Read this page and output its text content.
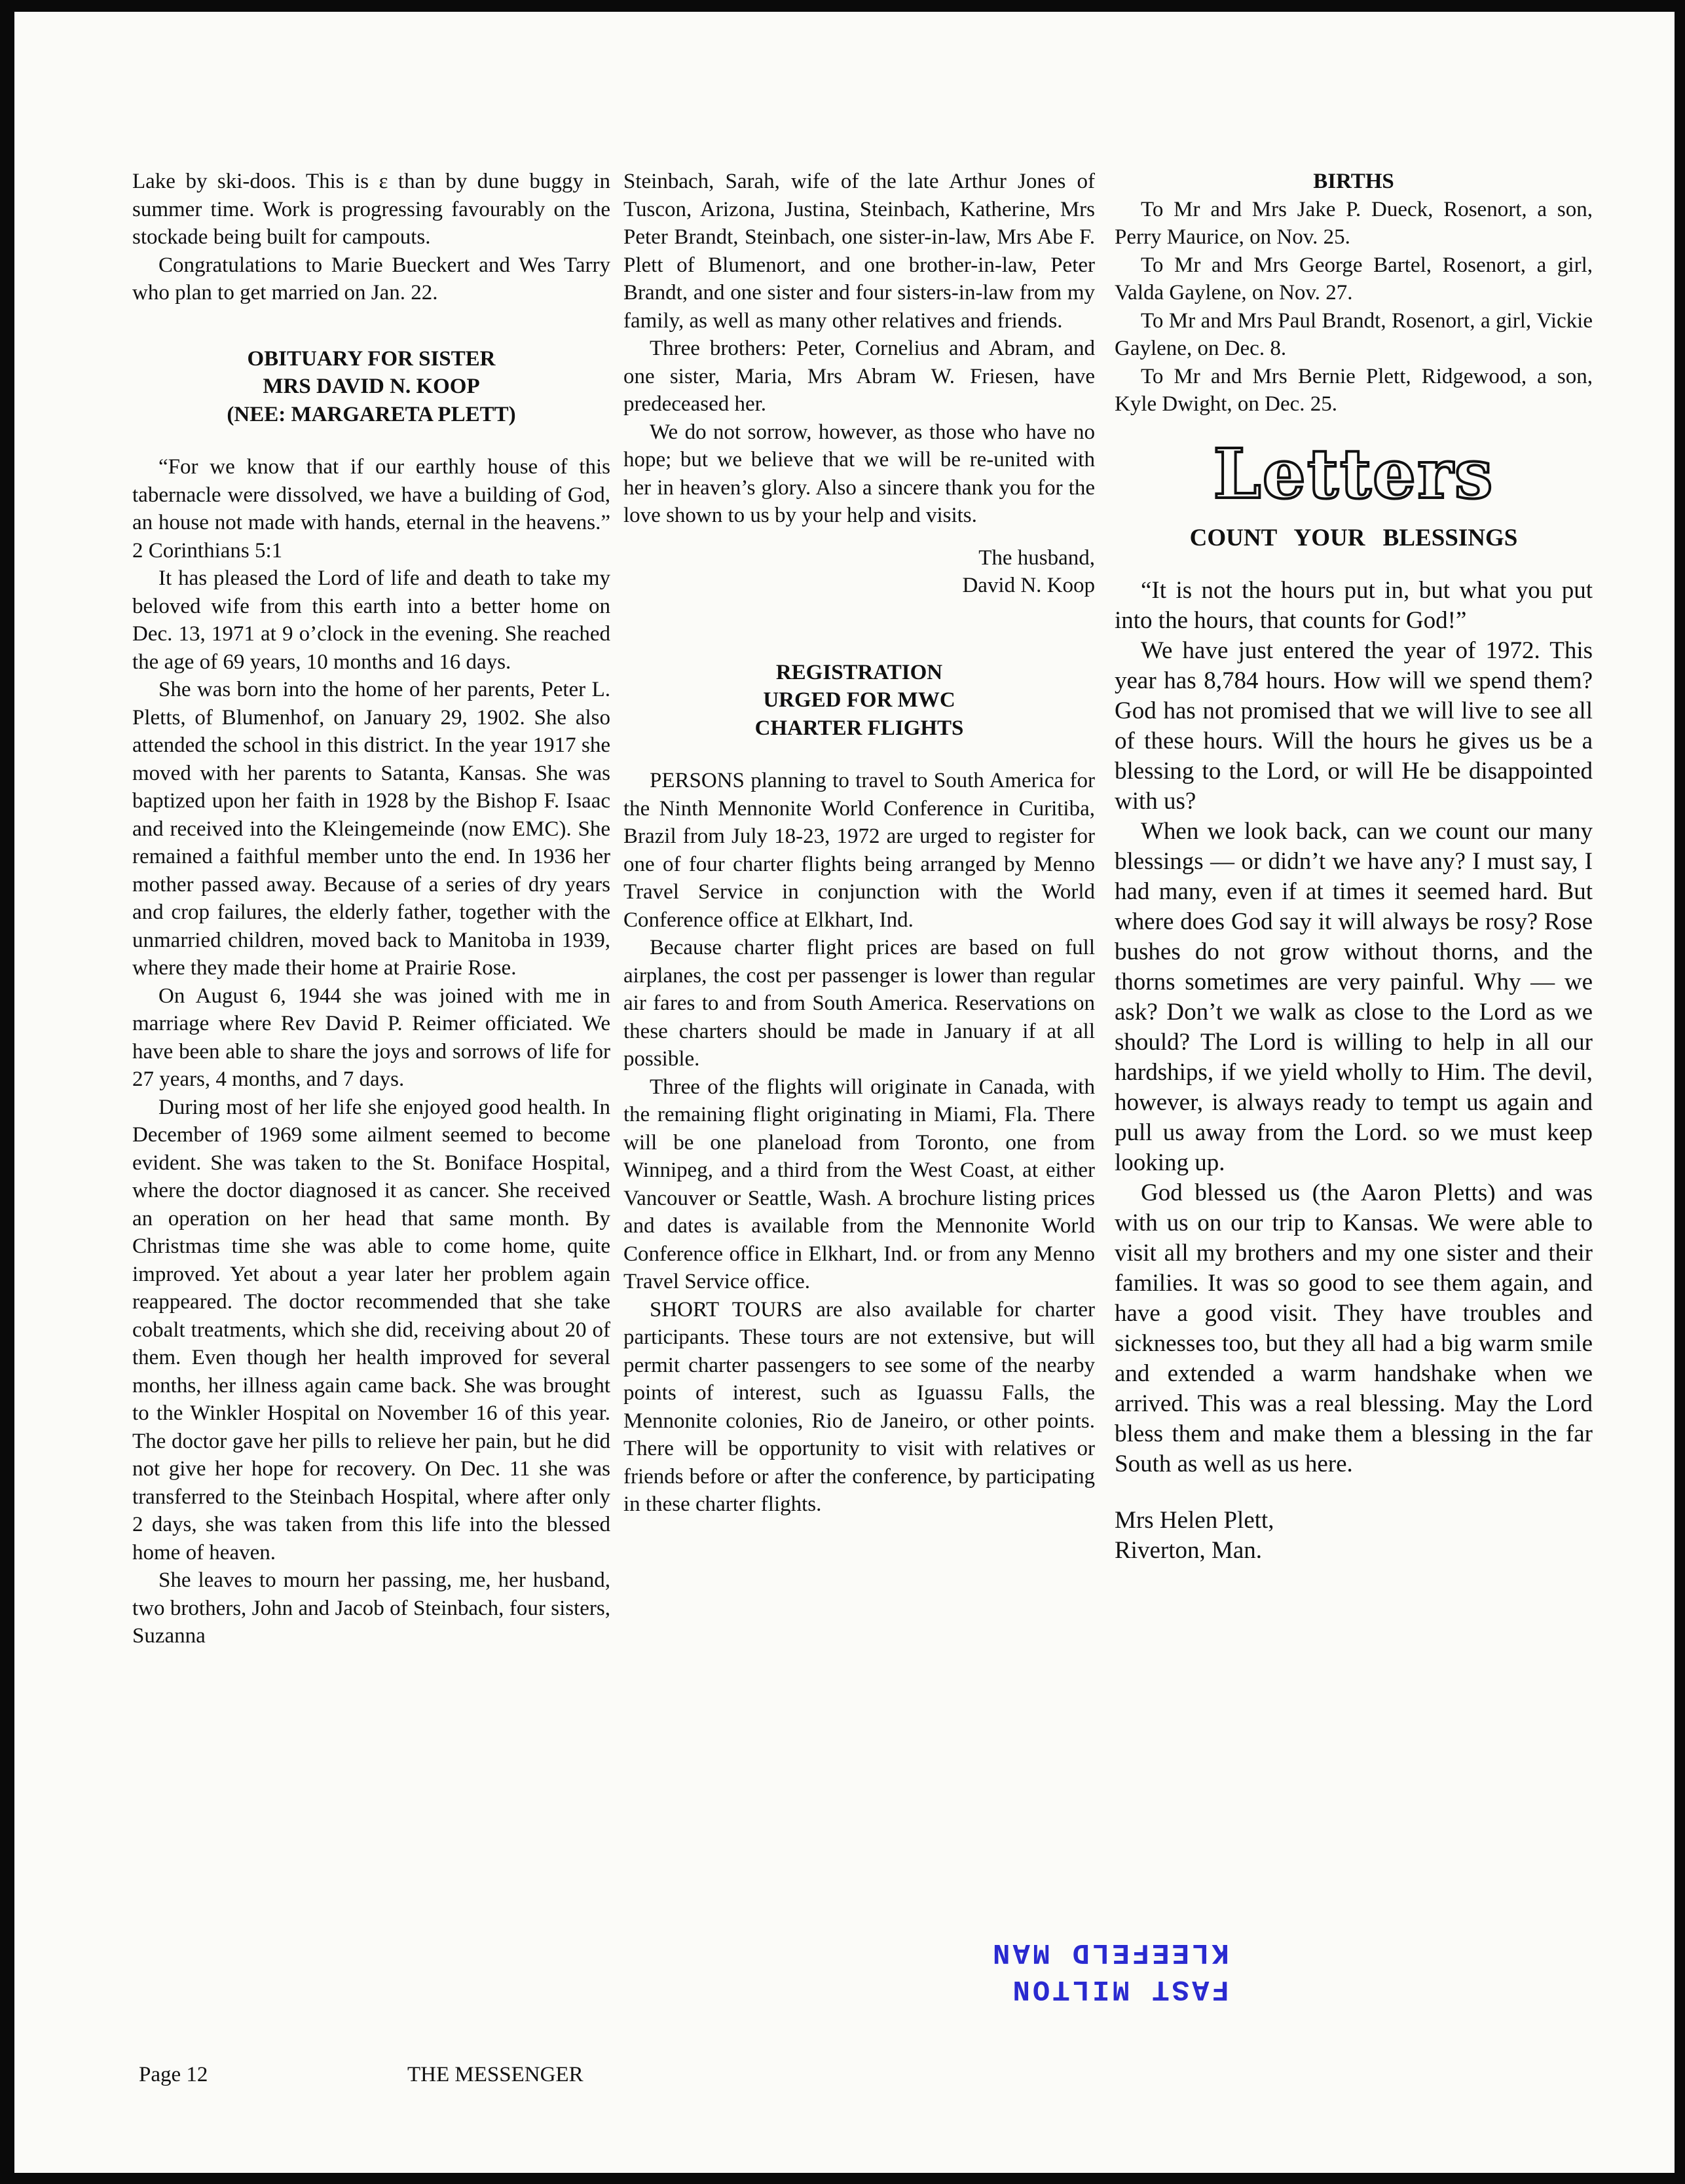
Lake by ski-doos. This is ε than by dune buggy in summer time. Work is progressing favourably on the stockade being built for campouts.

Congratulations to Marie Bueckert and Wes Tarry who plan to get married on Jan. 22.

OBITUARY FOR SISTER
MRS DAVID N. KOOP
(NEE: MARGARETA PLETT)

“For we know that if our earthly house of this tabernacle were dissolved, we have a building of God, an house not made with hands, eternal in the heavens.” 2 Corinthians 5:1

It has pleased the Lord of life and death to take my beloved wife from this earth into a better home on Dec. 13, 1971 at 9 o’clock in the evening. She reached the age of 69 years, 10 months and 16 days.

She was born into the home of her parents, Peter L. Pletts, of Blumenhof, on January 29, 1902. She also attended the school in this district. In the year 1917 she moved with her parents to Satanta, Kansas. She was baptized upon her faith in 1928 by the Bishop F. Isaac and received into the Kleingemeinde (now EMC). She remained a faithful member unto the end. In 1936 her mother passed away. Because of a series of dry years and crop failures, the elderly father, together with the unmarried children, moved back to Manitoba in 1939, where they made their home at Prairie Rose.

On August 6, 1944 she was joined with me in marriage where Rev David P. Reimer officiated. We have been able to share the joys and sorrows of life for 27 years, 4 months, and 7 days.

During most of her life she enjoyed good health. In December of 1969 some ailment seemed to become evident. She was taken to the St. Boniface Hospital, where the doctor diagnosed it as cancer. She received an operation on her head that same month. By Christmas time she was able to come home, quite improved. Yet about a year later her problem again reappeared. The doctor recommended that she take cobalt treatments, which she did, receiving about 20 of them. Even though her health improved for several months, her illness again came back. She was brought to the Winkler Hospital on November 16 of this year. The doctor gave her pills to relieve her pain, but he did not give her hope for recovery. On Dec. 11 she was transferred to the Steinbach Hospital, where after only 2 days, she was taken from this life into the blessed home of heaven.

She leaves to mourn her passing, me, her husband, two brothers, John and Jacob of Steinbach, four sisters, Suzanna

Steinbach, Sarah, wife of the late Arthur Jones of Tuscon, Arizona, Justina, Steinbach, Katherine, Mrs Peter Brandt, Steinbach, one sister-in-law, Mrs Abe F. Plett of Blumenort, and one brother-in-law, Peter Brandt, and one sister and four sisters-in-law from my family, as well as many other relatives and friends.

Three brothers: Peter, Cornelius and Abram, and one sister, Maria, Mrs Abram W. Friesen, have predeceased her.

We do not sorrow, however, as those who have no hope; but we believe that we will be re-united with her in heaven’s glory. Also a sincere thank you for the love shown to us by your help and visits.

The husband,

David N. Koop

REGISTRATION
URGED FOR MWC
CHARTER FLIGHTS

PERSONS planning to travel to South America for the Ninth Mennonite World Conference in Curitiba, Brazil from July 18-23, 1972 are urged to register for one of four charter flights being arranged by Menno Travel Service in conjunction with the World Conference office at Elkhart, Ind.

Because charter flight prices are based on full airplanes, the cost per passenger is lower than regular air fares to and from South America. Reservations on these charters should be made in January if at all possible.

Three of the flights will originate in Canada, with the remaining flight originating in Miami, Fla. There will be one planeload from Toronto, one from Winnipeg, and a third from the West Coast, at either Vancouver or Seattle, Wash. A brochure listing prices and dates is available from the Mennonite World Conference office in Elkhart, Ind. or from any Menno Travel Service office.

SHORT TOURS are also available for charter participants. These tours are not extensive, but will permit charter passengers to see some of the nearby points of interest, such as Iguassu Falls, the Mennonite colonies, Rio de Janeiro, or other points. There will be opportunity to visit with relatives or friends before or after the conference, by participating in these charter flights.

BIRTHS

To Mr and Mrs Jake P. Dueck, Rosenort, a son, Perry Maurice, on Nov. 25.

To Mr and Mrs George Bartel, Rosenort, a girl, Valda Gaylene, on Nov. 27.

To Mr and Mrs Paul Brandt, Rosenort, a girl, Vickie Gaylene, on Dec. 8.

To Mr and Mrs Bernie Plett, Ridgewood, a son, Kyle Dwight, on Dec. 25.

Letters
COUNT YOUR BLESSINGS

“It is not the hours put in, but what you put into the hours, that counts for God!”

We have just entered the year of 1972. This year has 8,784 hours. How will we spend them? God has not promised that we will live to see all of these hours. Will the hours he gives us be a blessing to the Lord, or will He be disappointed with us?

When we look back, can we count our many blessings — or didn’t we have any? I must say, I had many, even if at times it seemed hard. But where does God say it will always be rosy? Rose bushes do not grow without thorns, and the thorns sometimes are very painful. Why — we ask? Don’t we walk as close to the Lord as we should? The Lord is willing to help in all our hardships, if we yield wholly to Him. The devil, however, is always ready to tempt us again and pull us away from the Lord. so we must keep looking up.

God blessed us (the Aaron Pletts) and was with us on our trip to Kansas. We were able to visit all my brothers and my one sister and their families. It was so good to see them again, and have a good visit. They have troubles and sicknesses too, but they all had a big warm smile and extended a warm handshake when we arrived. This was a real blessing. May the Lord bless them and make them a blessing in the far South as well as us here.

Mrs Helen Plett,

Riverton, Man.

Page 12	THE MESSENGER
FAST MILTON
KLEEFELD MAN
